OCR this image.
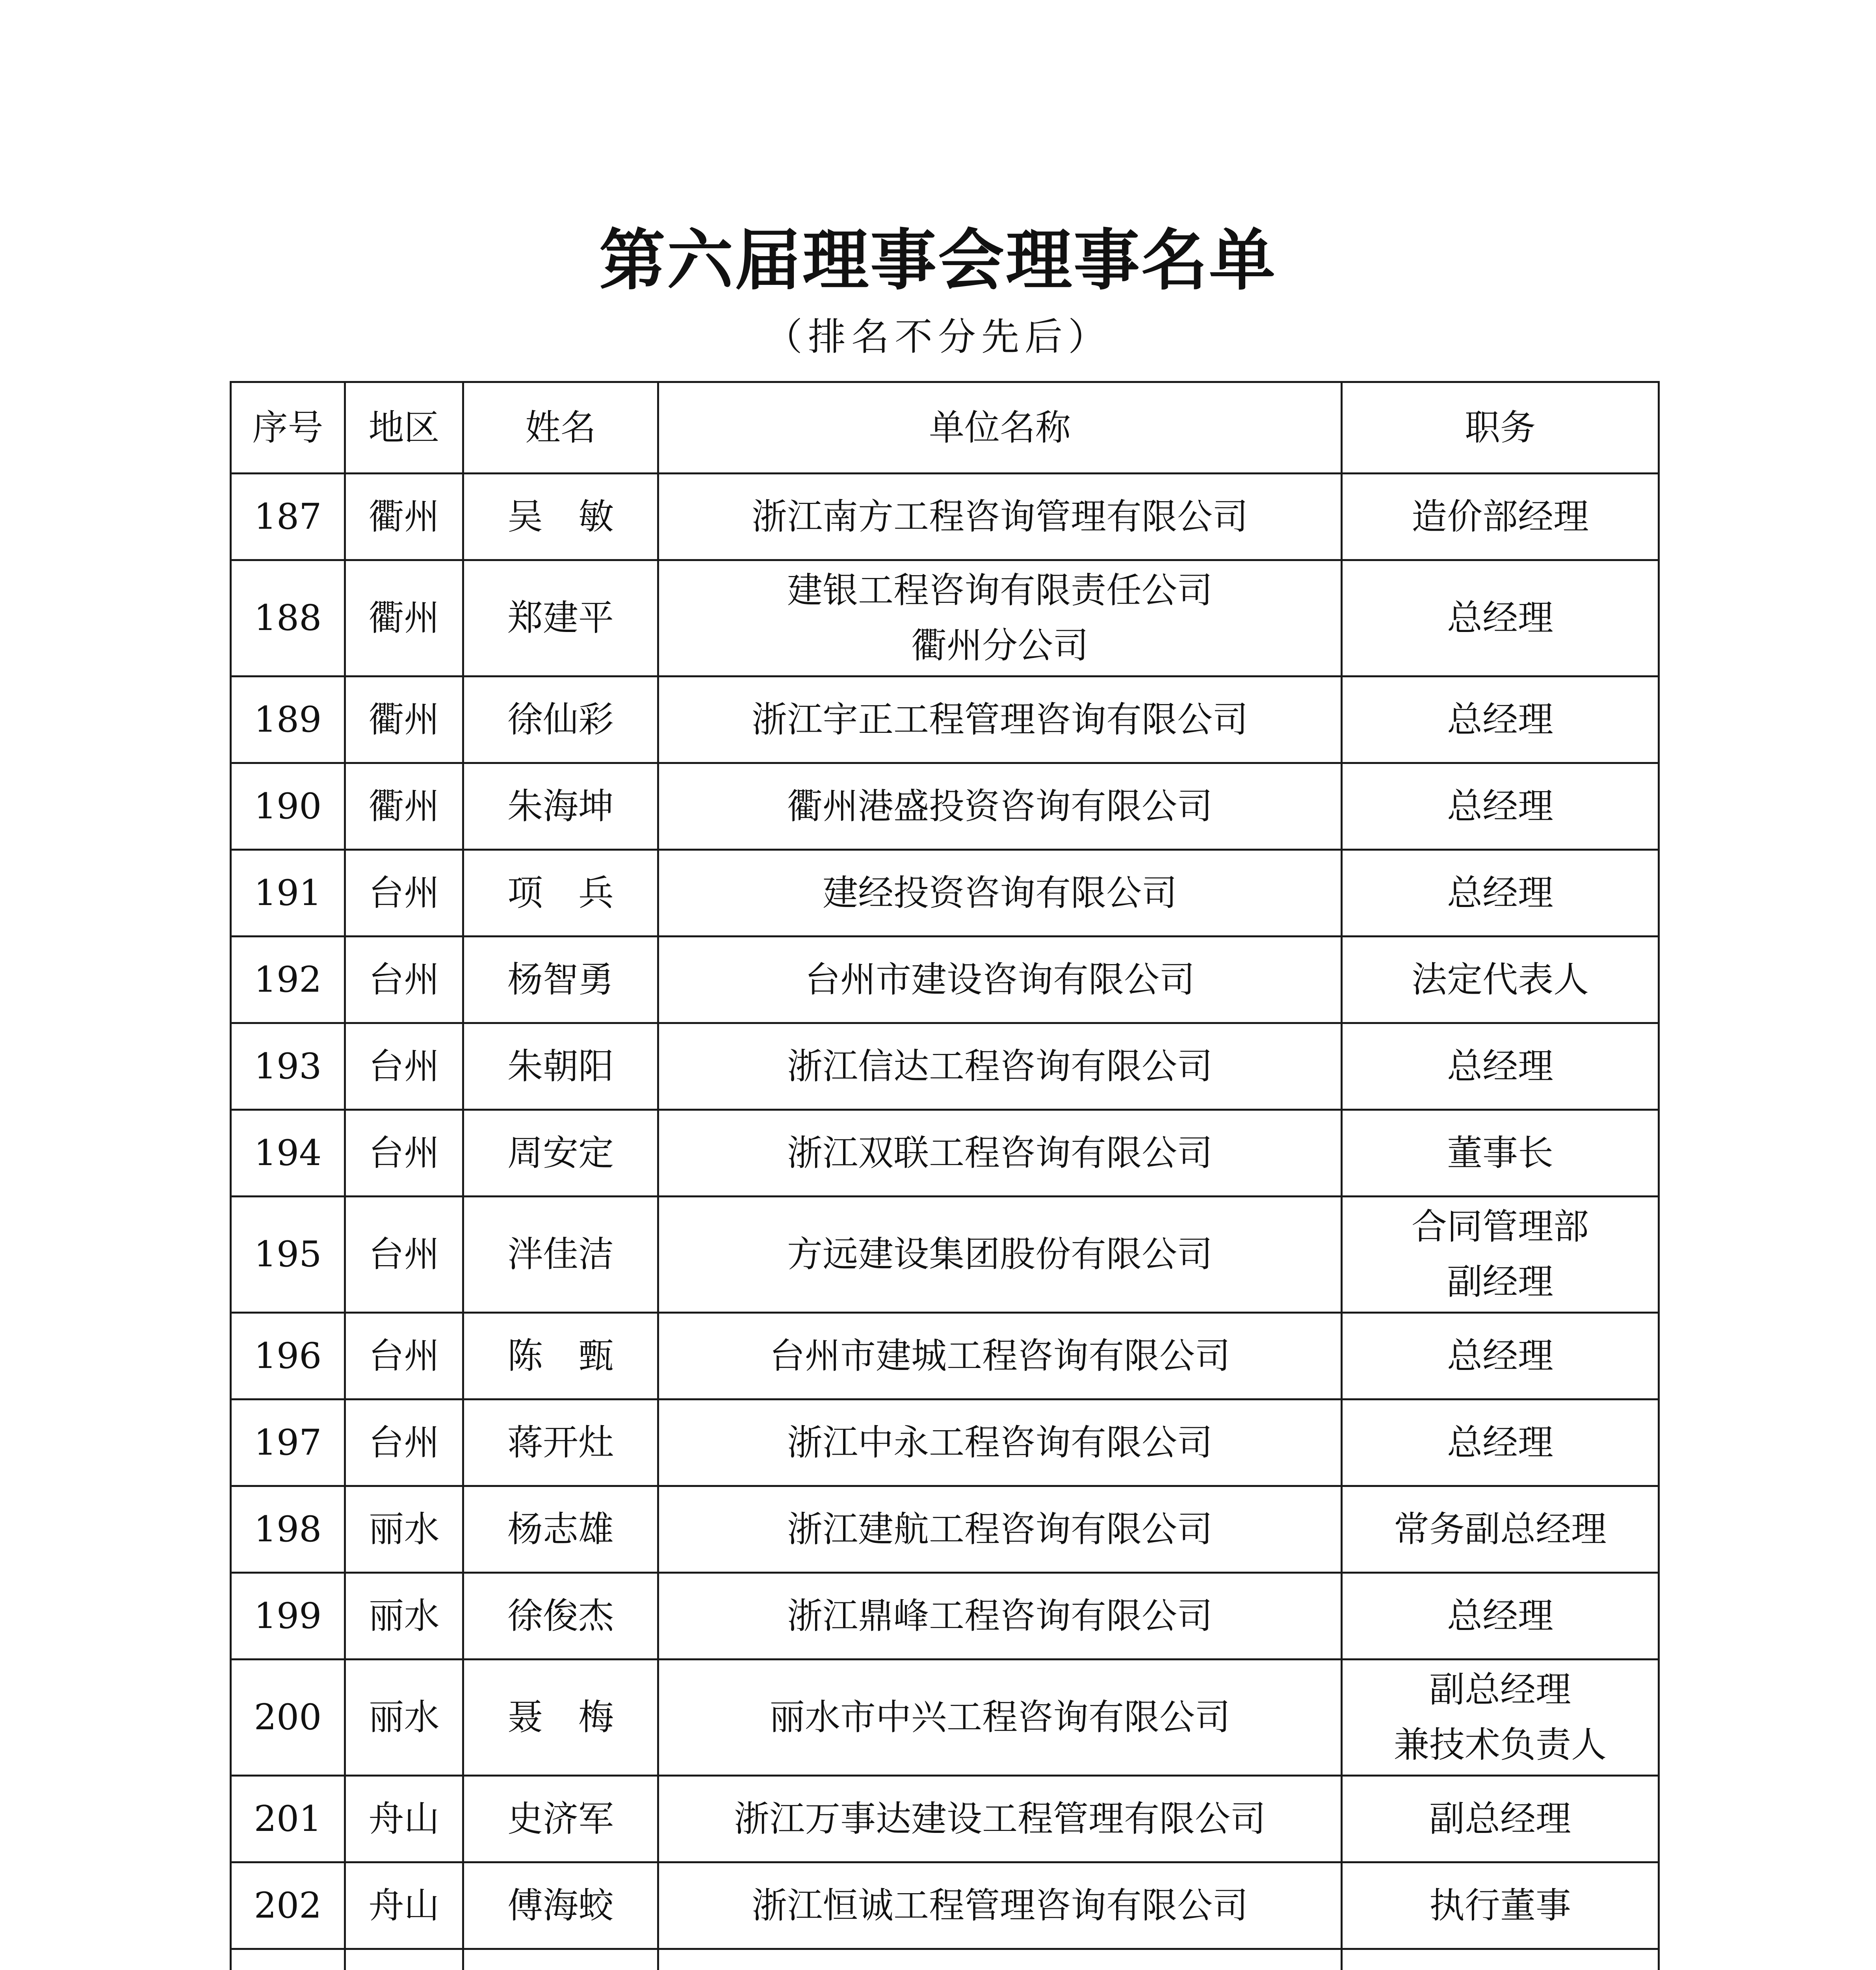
第六届理事会理事名单
（排名不分先后）
序号	地区	姓名	单位名称	职务
187	衢州	吴　敏	浙江南方工程咨询管理有限公司	造价部经理

188	衢州	郑建平	建银工程咨询有限责任公司
衢州分公司	总经理

189	衢州	徐仙彩	浙江宇正工程管理咨询有限公司	总经理

190	衢州	朱海坤	衢州港盛投资咨询有限公司	总经理

191	台州	项　兵	建经投资咨询有限公司	总经理

192	台州	杨智勇	台州市建设咨询有限公司	法定代表人

193	台州	朱朝阳	浙江信达工程咨询有限公司	总经理

194	台州	周安定	浙江双联工程咨询有限公司	董事长

195	台州	泮佳洁	方远建设集团股份有限公司	合同管理部
副经理

196	台州	陈　甄	台州市建城工程咨询有限公司	总经理

197	台州	蒋开灶	浙江中永工程咨询有限公司	总经理

198	丽水	杨志雄	浙江建航工程咨询有限公司	常务副总经理

199	丽水	徐俊杰	浙江鼎峰工程咨询有限公司	总经理

200	丽水	聂　梅	丽水市中兴工程咨询有限公司	副总经理
兼技术负责人

201	舟山	史济军	浙江万事达建设工程管理有限公司	副总经理

202	舟山	傅海蛟	浙江恒诚工程管理咨询有限公司	执行董事
